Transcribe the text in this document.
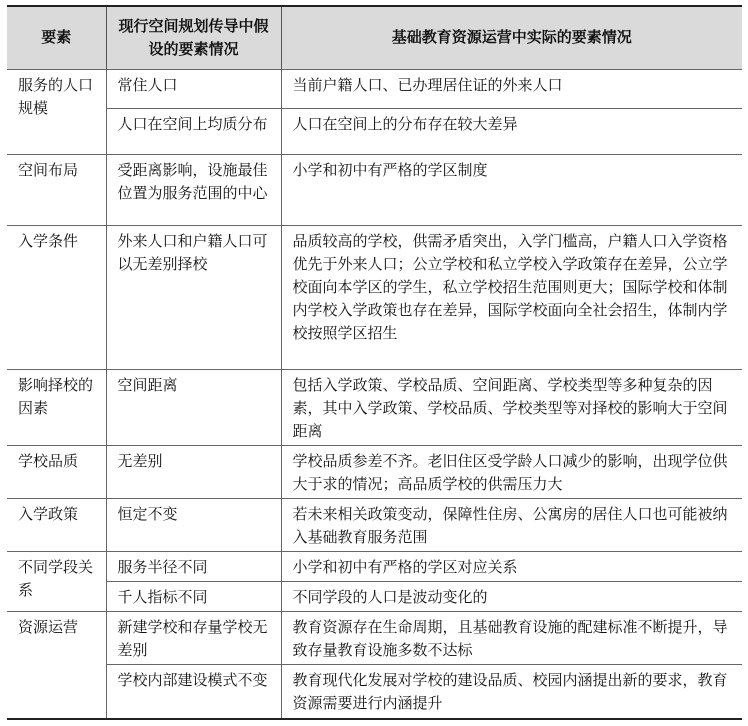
要素	现行空间规划传导中假设的要素情况	基础教育资源运营中实际的要素情况
服务的人口规模	常住人口	当前户籍人口、已办理居住证的外来人口
	人口在空间上均质分布	人口在空间上的分布存在较大差异
空间布局	受距离影响，设施最佳位置为服务范围的中心	小学和初中有严格的学区制度
入学条件	外来人口和户籍人口可以无差别择校	品质较高的学校，供需矛盾突出，入学门槛高，户籍人口入学资格优先于外来人口；公立学校和私立学校入学政策存在差异，公立学校面向本学区的学生，私立学校招生范围则更大；国际学校和体制内学校入学政策也存在差异，国际学校面向全社会招生，体制内学校按照学区招生
影响择校的因素	空间距离	包括入学政策、学校品质、空间距离、学校类型等多种复杂的因素，其中入学政策、学校品质、学校类型等对择校的影响大于空间距离
学校品质	无差别	学校品质参差不齐。老旧住区受学龄人口减少的影响，出现学位供大于求的情况；高品质学校的供需压力大
入学政策	恒定不变	若未来相关政策变动，保障性住房、公寓房的居住人口也可能被纳入基础教育服务范围
不同学段关系	服务半径不同	小学和初中有严格的学区对应关系
	千人指标不同	不同学段的人口是波动变化的
资源运营	新建学校和存量学校无差别	教育资源存在生命周期，且基础教育设施的配建标准不断提升，导致存量教育设施多数不达标
	学校内部建设模式不变	教育现代化发展对学校的建设品质、校园内涵提出新的要求，教育资源需要进行内涵提升
